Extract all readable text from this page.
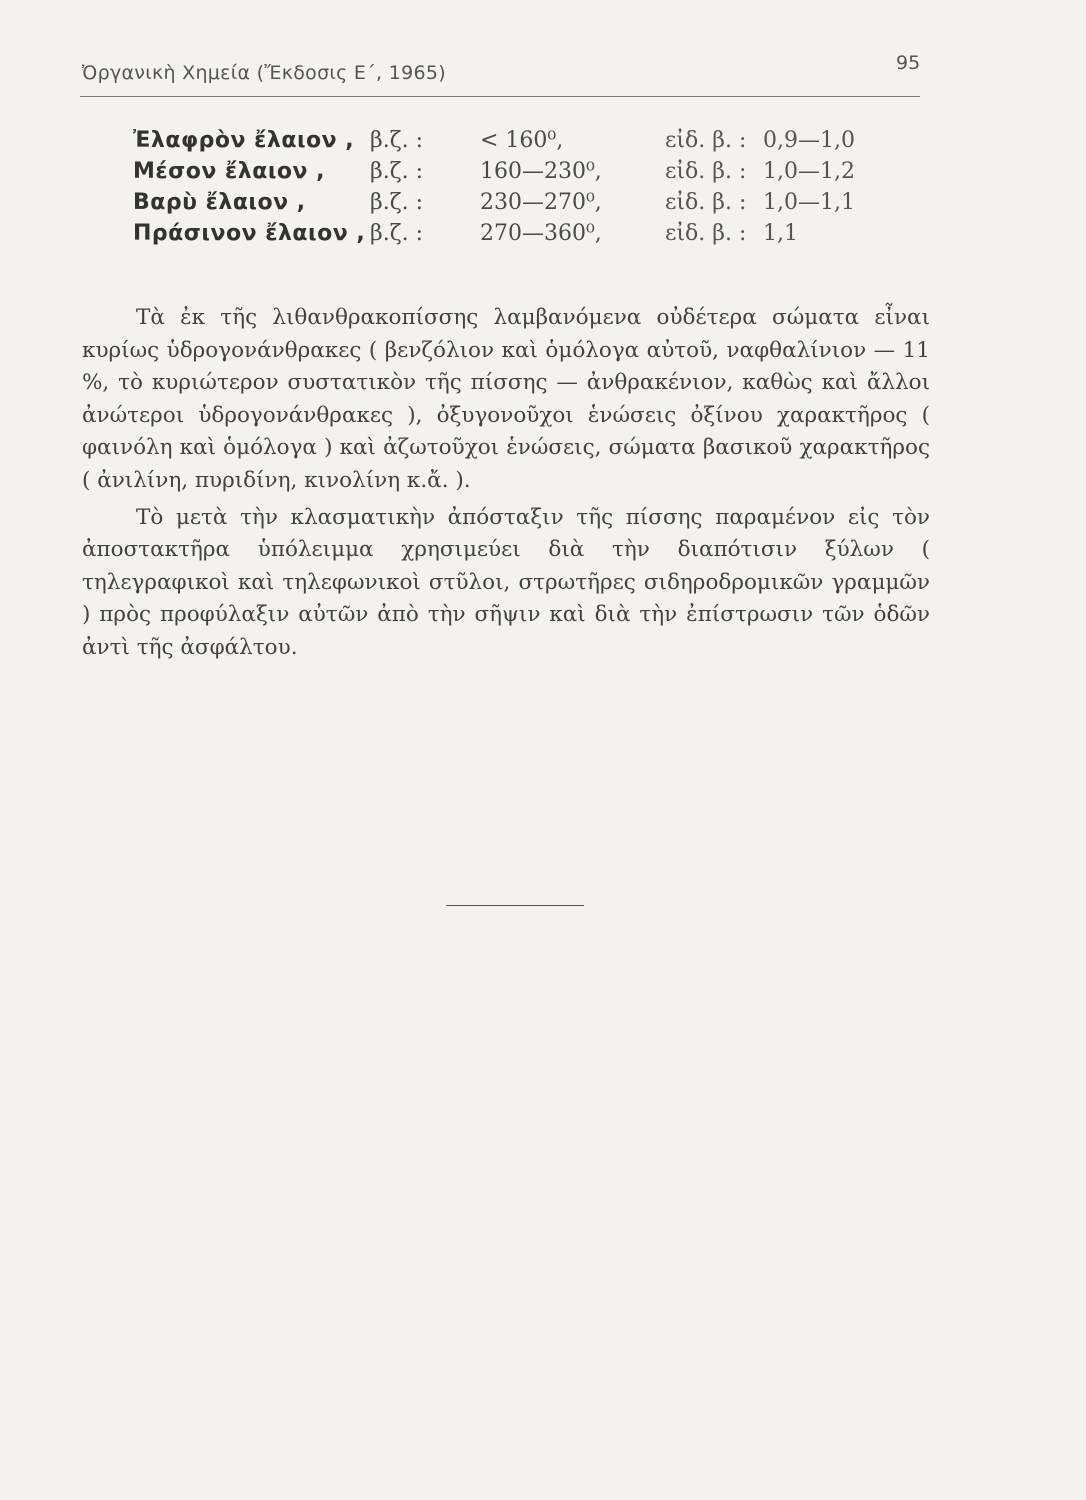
Ὀργανικὴ Χημεία (Ἔκδοσις Ε΄, 1965)	95
Ἐλαφρὸν ἔλαιον , β.ζ. :	< 160⁰,	εἰδ. β. : 0,9—1,0
Μέσον ἔλαιον , β.ζ. :	160—230⁰,	εἰδ. β. : 1,0—1,2
Βαρὺ ἔλαιον ,	β.ζ. :	230—270⁰,	εἰδ. β. : 1,0—1,1
Πράσινον ἔλαιον , β.ζ. :	270—360⁰,	εἰδ. β. : 1,1

Τὰ ἐκ τῆς λιθανθρακοπίσσης λαμβανόμενα οὐδέτερα σώματα εἶναι κυρίως ὑδρογονάνθρακες ( βενζόλιον καὶ ὁμόλογα αὐτοῦ, ναφθαλίνιον — 11 %, τὸ κυριώτερον συστατικὸν τῆς πίσσης — ἀνθρακένιον, καθὼς καὶ ἄλλοι ἀνώτεροι ὑδρογονάνθρακες ), ὀξυγονοῦχοι ἑνώσεις ὀξίνου χαρακτῆρος ( φαινόλη καὶ ὁμόλογα ) καὶ ἀζωτοῦχοι ἑνώσεις, σώματα βασικοῦ χαρακτῆρος ( ἀνιλίνη, πυριδίνη, κινολίνη κ.ἄ. ).

Τὸ μετὰ τὴν κλασματικὴν ἀπόσταξιν τῆς πίσσης παραμένον εἰς τὸν ἀποστακτῆρα ὑπόλειμμα χρησιμεύει διὰ τὴν διαπότισιν ξύλων ( τηλεγραφικοὶ καὶ τηλεφωνικοὶ στῦλοι, στρωτῆρες σιδηροδρομικῶν γραμμῶν ) πρὸς προφύλαξιν αὐτῶν ἀπὸ τὴν σῆψιν καὶ διὰ τὴν ἐπίστρωσιν τῶν ὁδῶν ἀντὶ τῆς ἀσφάλτου.
